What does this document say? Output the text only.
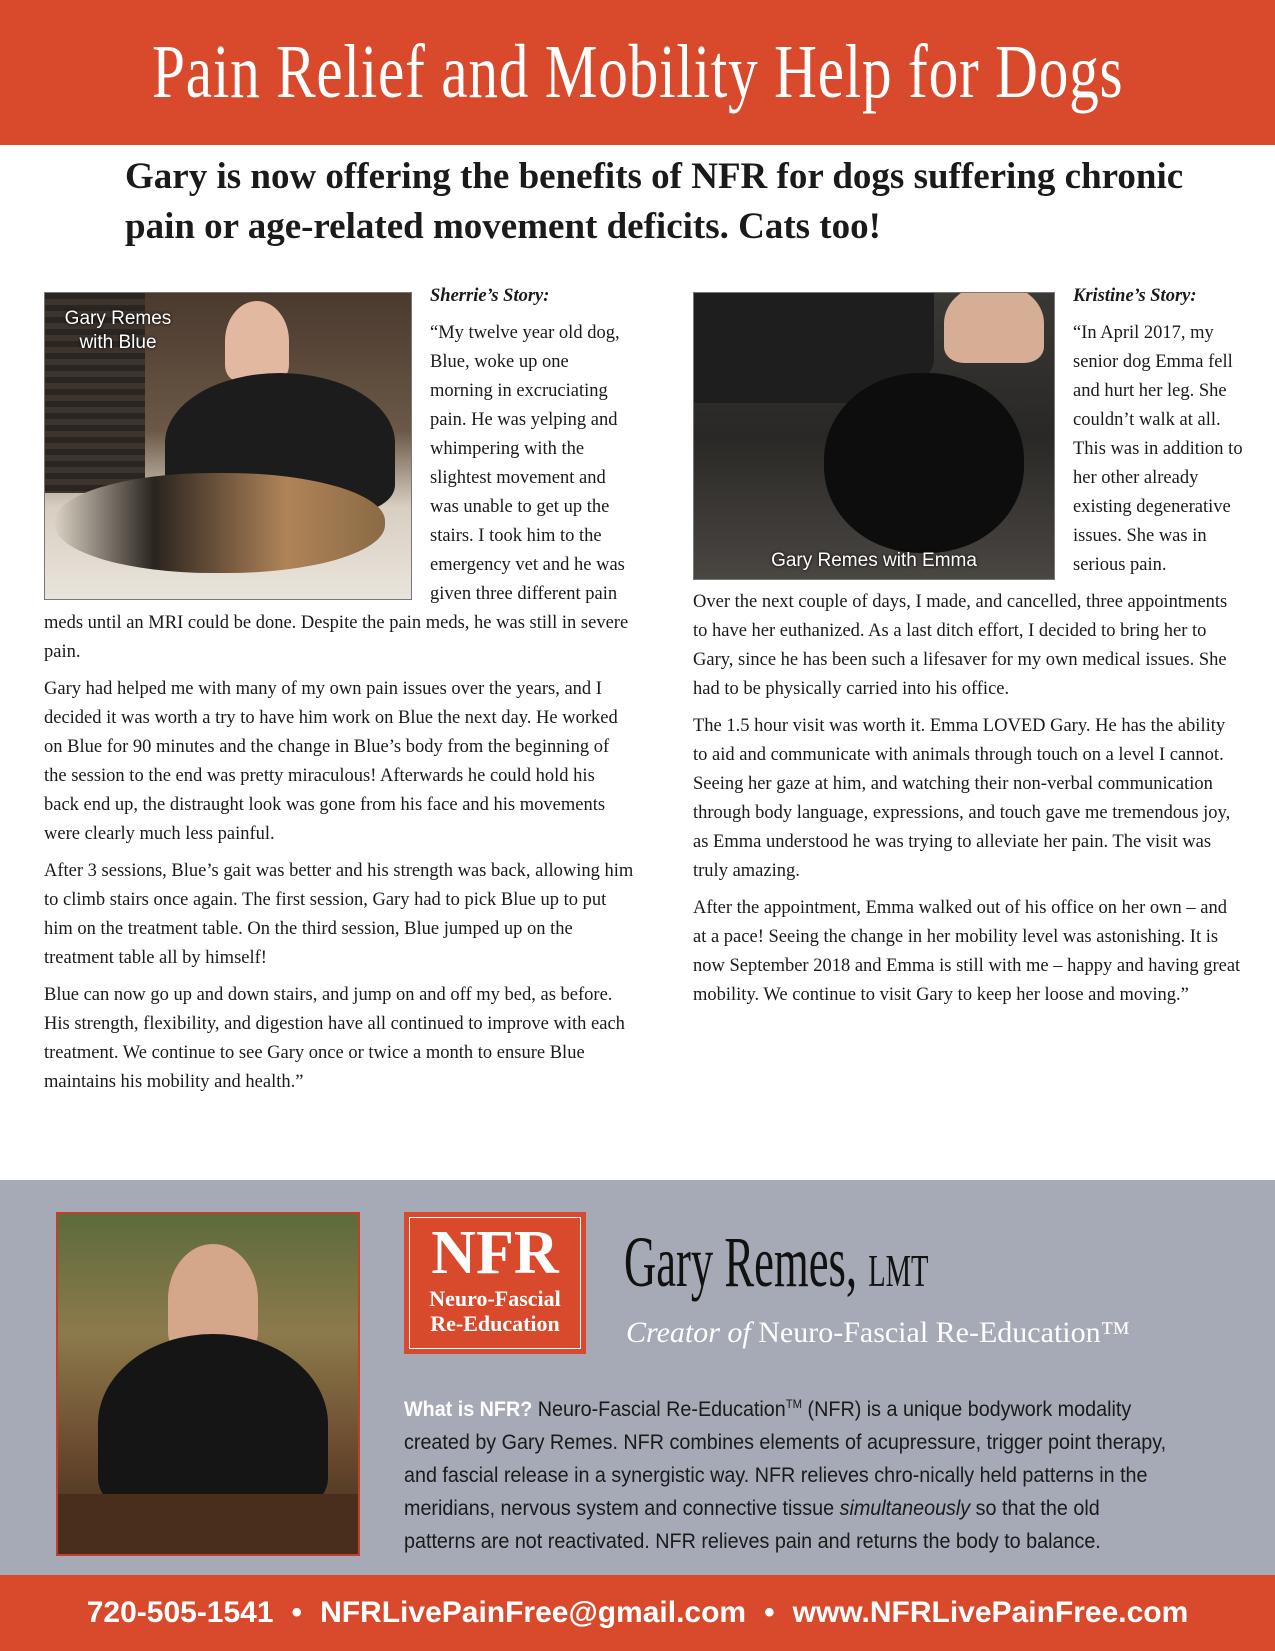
Pain Relief and Mobility Help for Dogs
Gary is now offering the benefits of NFR for dogs suffering chronic pain or age-related movement deficits. Cats too!
Gary Remes
with Blue

Sherrie’s Story:

“My twelve year old dog, Blue, woke up one morning in excruciating pain. He was yelping and whimpering with the slightest movement and was unable to get up the stairs. I took him to the emergency vet and he was given three different pain meds until an MRI could be done. Despite the pain meds, he was still in severe pain.

Gary had helped me with many of my own pain issues over the years, and I decided it was worth a try to have him work on Blue the next day. He worked on Blue for 90 minutes and the change in Blue’s body from the beginning of the session to the end was pretty miraculous! Afterwards he could hold his back end up, the distraught look was gone from his face and his movements were clearly much less painful.

After 3 sessions, Blue’s gait was better and his strength was back, allowing him to climb stairs once again. The first session, Gary had to pick Blue up to put him on the treatment table. On the third session, Blue jumped up on the treatment table all by himself!

Blue can now go up and down stairs, and jump on and off my bed, as before. His strength, flexibility, and digestion have all continued to improve with each treatment. We continue to see Gary once or twice a month to ensure Blue maintains his mobility and health.”

Gary Remes with Emma

Kristine’s Story:

“In April 2017, my senior dog Emma fell and hurt her leg. She couldn’t walk at all. This was in addition to her other already existing degenerative issues. She was in serious pain.

Over the next couple of days, I made, and cancelled, three appointments to have her euthanized. As a last ditch effort, I decided to bring her to Gary, since he has been such a lifesaver for my own medical issues. She had to be physically carried into his office.

The 1.5 hour visit was worth it. Emma LOVED Gary. He has the ability to aid and communicate with animals through touch on a level I cannot. Seeing her gaze at him, and watching their non-verbal communication through body language, expressions, and touch gave me tremendous joy, as Emma understood he was trying to alleviate her pain. The visit was truly amazing.

After the appointment, Emma walked out of his office on her own – and at a pace! Seeing the change in her mobility level was astonishing. It is now September 2018 and Emma is still with me – happy and having great mobility. We continue to visit Gary to keep her loose and moving.”

NFR
Neuro-Fascial
Re-Education
Gary Remes, LMT
Creator of Neuro-Fascial Re-Education™
What is NFR? Neuro-Fascial Re-Education™ (NFR) is a unique bodywork modality created by Gary Remes. NFR combines elements of acupressure, trigger point therapy, and fascial release in a synergistic way. NFR relieves chro-nically held patterns in the meridians, nervous system and connective tissue simultaneously so that the old patterns are not reactivated. NFR relieves pain and returns the body to balance.
720-505-1541 • NFRLivePainFree@gmail.com • www.NFRLivePainFree.com
